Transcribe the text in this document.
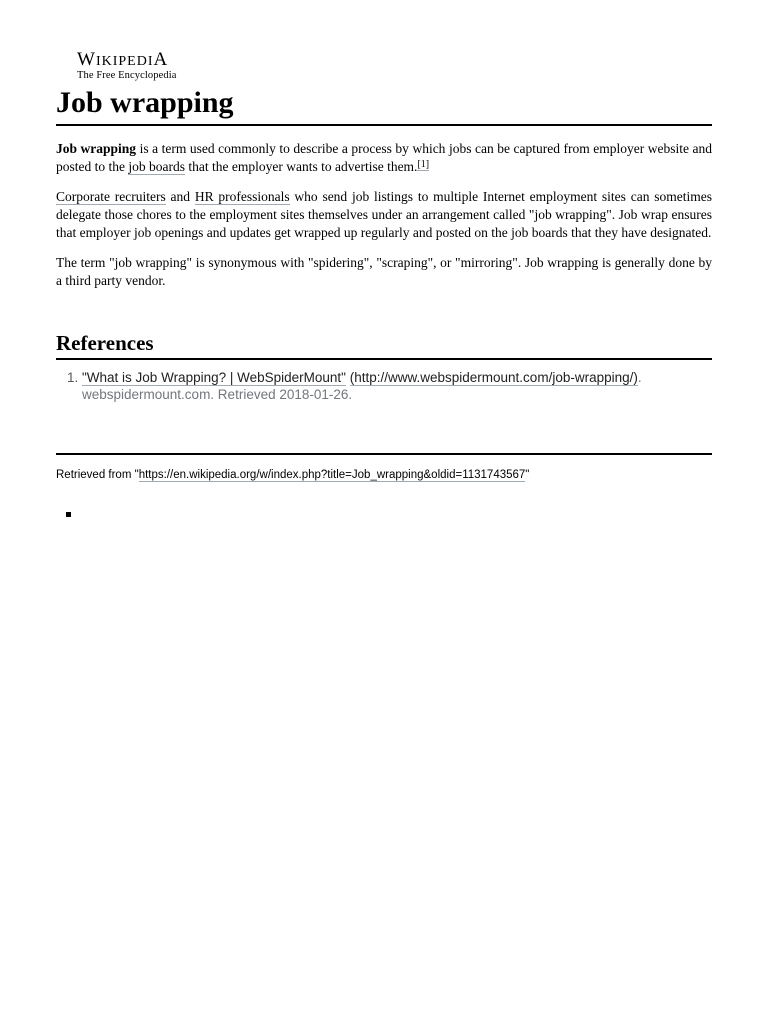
WIKIPEDIA
The Free Encyclopedia
Job wrapping

Job wrapping is a term used commonly to describe a process by which jobs can be captured from employer website and posted to the job boards that the employer wants to advertise them.[1]

Corporate recruiters and HR professionals who send job listings to multiple Internet employment sites can sometimes delegate those chores to the employment sites themselves under an arrangement called "job wrapping". Job wrap ensures that employer job openings and updates get wrapped up regularly and posted on the job boards that they have designated.

The term "job wrapping" is synonymous with "spidering", "scraping", or "mirroring". Job wrapping is generally done by a third party vendor.

References
1. "What is Job Wrapping? | WebSpiderMount" (http://www.webspidermount.com/job-wrapping/). webspidermount.com. Retrieved 2018-01-26.
Retrieved from "https://en.wikipedia.org/w/index.php?title=Job_wrapping&oldid=1131743567"
